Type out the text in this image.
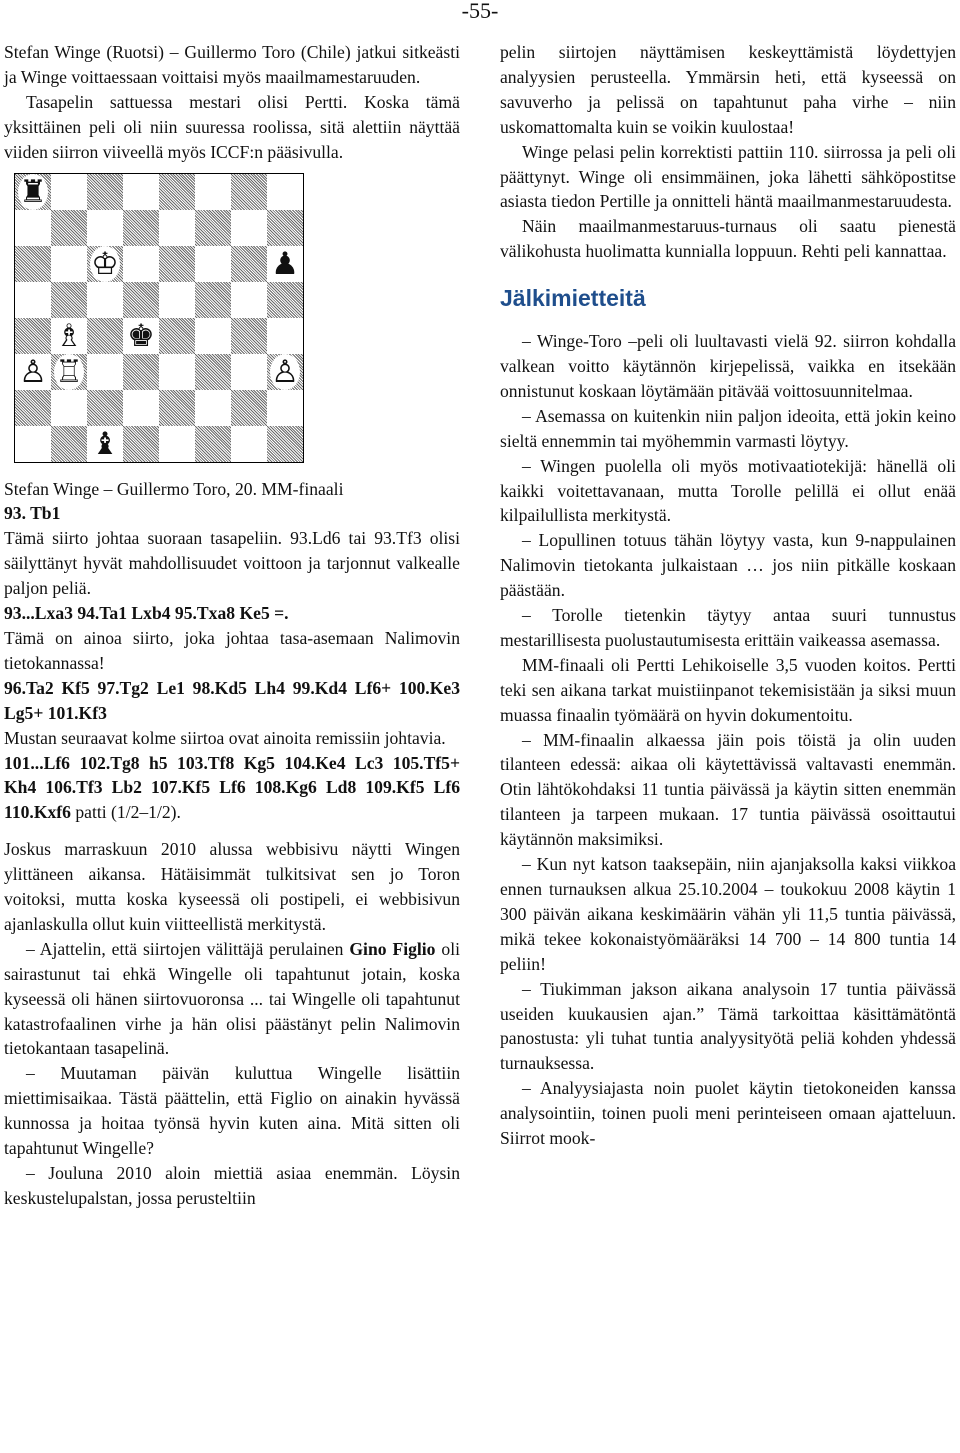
-55-

Stefan Winge (Ruotsi) – Guillermo Toro (Chile) jatkui sitkeästi ja Winge voittaessaan voittaisi myös maailmamestaruuden.

Tasapelin sattuessa mestari olisi Pertti. Koska tämä yksittäinen peli oli niin suuressa roolissa, sitä alettiin näyttää viiden siirron viiveellä myös ICCF:n pääsivulla.

♜
♔	♟
♗ ♚
♙ ♖	♙
♝

Stefan Winge – Guillermo Toro, 20. MM-finaali

93. Tb1

Tämä siirto johtaa suoraan tasapeliin. 93.Ld6 tai 93.Tf3 olisi säilyttänyt hyvät mahdollisuudet voittoon ja tarjonnut valkealle paljon peliä.

93...Lxa3 94.Ta1 Lxb4 95.Txa8 Ke5 =.

Tämä on ainoa siirto, joka johtaa tasa-asemaan Nalimovin tietokannassa!

96.Ta2 Kf5 97.Tg2 Le1 98.Kd5 Lh4 99.Kd4 Lf6+ 100.Ke3 Lg5+ 101.Kf3

Mustan seuraavat kolme siirtoa ovat ainoita remissiin johtavia.

101...Lf6 102.Tg8 h5 103.Tf8 Kg5 104.Ke4 Lc3 105.Tf5+ Kh4 106.Tf3 Lb2 107.Kf5 Lf6 108.Kg6 Ld8 109.Kf5 Lf6 110.Kxf6 patti (1/2–1/2).

Joskus marraskuun 2010 alussa webbisivu näytti Wingen ylittäneen aikansa. Hätäisimmät tulkitsivat sen jo Toron voitoksi, mutta koska kyseessä oli postipeli, ei webbisivun ajanlaskulla ollut kuin viitteellistä merkitystä.

– Ajattelin, että siirtojen välittäjä perulainen Gino Figlio oli sairastunut tai ehkä Wingelle oli tapahtunut jotain, koska kyseessä oli hänen siirtovuoronsa ... tai Wingelle oli tapahtunut katastrofaalinen virhe ja hän olisi päästänyt pelin Nalimovin tietokantaan tasapelinä.

– Muutaman päivän kuluttua Wingelle lisättiin miettimisaikaa. Tästä päättelin, että Figlio on ainakin hyvässä kunnossa ja hoitaa työnsä hyvin kuten aina. Mitä sitten oli tapahtunut Wingelle?

– Jouluna 2010 aloin miettiä asiaa enemmän. Löysin keskustelupalstan, jossa perusteltiin

pelin siirtojen näyttämisen keskeyttämistä löydettyjen analyysien perusteella. Ymmärsin heti, että kyseessä on savuverho ja pelissä on tapahtunut paha virhe – niin uskomattomalta kuin se voikin kuulostaa!

Winge pelasi pelin korrektisti pattiin 110. siirrossa ja peli oli päättynyt. Winge oli ensimmäinen, joka lähetti sähköpostitse asiasta tiedon Pertille ja onnitteli häntä maailmanmestaruudesta.

Näin maailmanmestaruus-turnaus oli saatu pienestä välikohusta huolimatta kunnialla loppuun. Rehti peli kannattaa.

Jälkimietteitä

– Winge-Toro –peli oli luultavasti vielä 92. siirron kohdalla valkean voitto käytännön kirjepelissä, vaikka en itsekään onnistunut koskaan löytämään pitävää voittosuunnitelmaa.

– Asemassa on kuitenkin niin paljon ideoita, että jokin keino sieltä ennemmin tai myöhemmin varmasti löytyy.

– Wingen puolella oli myös motivaatiotekijä: hänellä oli kaikki voitettavanaan, mutta Torolle pelillä ei ollut enää kilpailullista merkitystä.

– Lopullinen totuus tähän löytyy vasta, kun 9-nappulainen Nalimovin tietokanta julkaistaan … jos niin pitkälle koskaan päästään.

– Torolle tietenkin täytyy antaa suuri tunnustus mestarillisesta puolustautumisesta erittäin vaikeassa asemassa.

MM-finaali oli Pertti Lehikoiselle 3,5 vuoden koitos. Pertti teki sen aikana tarkat muistiinpanot tekemisistään ja siksi muun muassa finaalin työmäärä on hyvin dokumentoitu.

– MM-finaalin alkaessa jäin pois töistä ja olin uuden tilanteen edessä: aikaa oli käytettävissä valtavasti enemmän. Otin lähtökohdaksi 11 tuntia päivässä ja käytin sitten enemmän tilanteen ja tarpeen mukaan. 17 tuntia päivässä osoittautui käytännön maksimiksi.

– Kun nyt katson taaksepäin, niin ajanjaksolla kaksi viikkoa ennen turnauksen alkua 25.10.2004 – toukokuu 2008 käytin 1 300 päivän aikana keskimäärin vähän yli 11,5 tuntia päivässä, mikä tekee kokonaistyömääräksi 14 700 – 14 800 tuntia 14 peliin!

– Tiukimman jakson aikana analysoin 17 tuntia päivässä useiden kuukausien ajan.” Tämä tarkoittaa käsittämätöntä panostusta: yli tuhat tuntia analyysityötä peliä kohden yhdessä turnauksessa.

– Analyysiajasta noin puolet käytin tietokoneiden kanssa analysointiin, toinen puoli meni perinteiseen omaan ajatteluun. Siirrot mook-
